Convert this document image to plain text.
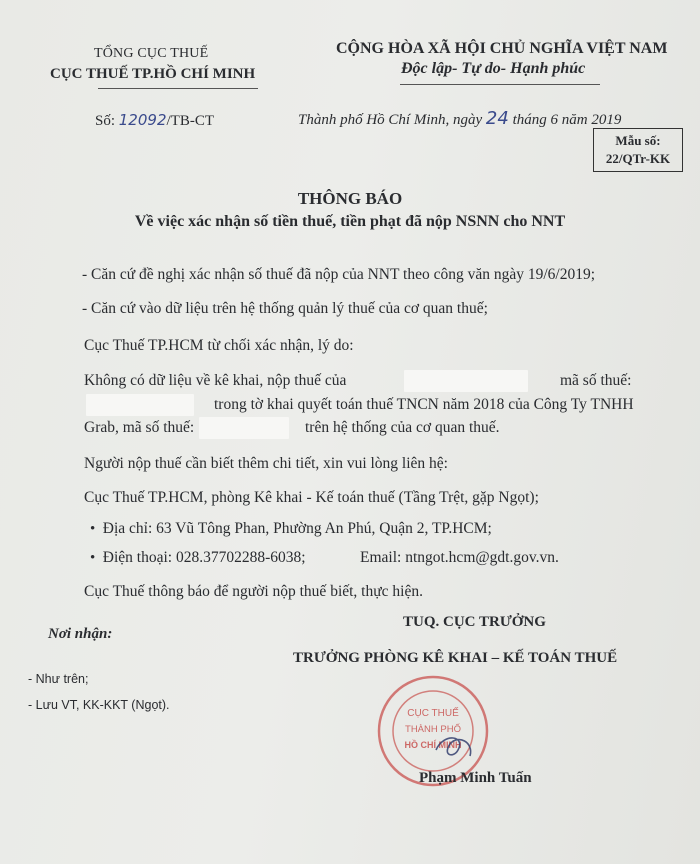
TỔNG CỤC THUẾ
CỤC THUẾ TP.HỒ CHÍ MINH
CỘNG HÒA XÃ HỘI CHỦ NGHĨA VIỆT NAM
Độc lập- Tự do- Hạnh phúc
Số: 12092/TB-CT	Thành phố Hồ Chí Minh, ngày 24 tháng 6 năm 2019
Mẫu số:
22/QTr-KK
THÔNG BÁO
Về việc xác nhận số tiền thuế, tiền phạt đã nộp NSNN cho NNT
- Căn cứ đề nghị xác nhận số thuế đã nộp của NNT theo công văn ngày 19/6/2019;
- Căn cứ vào dữ liệu trên hệ thống quản lý thuế của cơ quan thuế;
Cục Thuế TP.HCM từ chối xác nhận, lý do:
Không có dữ liệu về kê khai, nộp thuế của	mã số thuế:
trong tờ khai quyết toán thuế TNCN năm 2018 của Công Ty TNHH
Grab, mã số thuế:	trên hệ thống của cơ quan thuế.
Người nộp thuế cần biết thêm chi tiết, xin vui lòng liên hệ:
Cục Thuế TP.HCM, phòng Kê khai - Kế toán thuế (Tầng Trệt, gặp Ngọt);
•  Địa chỉ: 63 Vũ Tông Phan, Phường An Phú, Quận 2, TP.HCM;
•  Điện thoại: 028.37702288-6038;	Email: ntngot.hcm@gdt.gov.vn.
Cục Thuế thông báo để người nộp thuế biết, thực hiện.
Nơi nhận:
- Như trên;
- Lưu VT, KK-KKT (Ngọt).
TUQ. CỤC TRƯỞNG
TRƯỞNG PHÒNG KÊ KHAI – KẾ TOÁN THUẾ
CỤC THUẾ
THÀNH PHỐ
HỒ CHÍ MINH
Phạm Minh Tuấn
